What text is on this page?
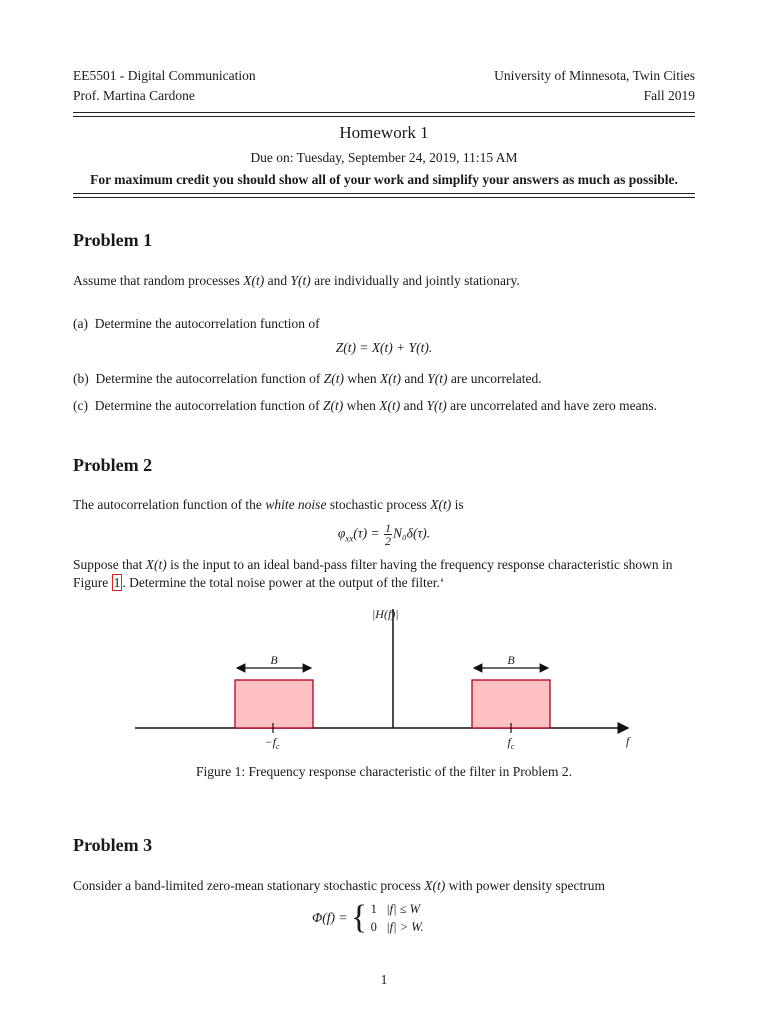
EE5501 - Digital Communication
Prof. Martina Cardone
University of Minnesota, Twin Cities
Fall 2019
Homework 1
Due on: Tuesday, September 24, 2019, 11:15 AM
For maximum credit you should show all of your work and simplify your answers as much as possible.
Problem 1
Assume that random processes X(t) and Y(t) are individually and jointly stationary.
(a) Determine the autocorrelation function of
Z(t) = X(t) + Y(t).
(b) Determine the autocorrelation function of Z(t) when X(t) and Y(t) are uncorrelated.
(c) Determine the autocorrelation function of Z(t) when X(t) and Y(t) are uncorrelated and have zero means.
Problem 2
The autocorrelation function of the white noise stochastic process X(t) is
$\varphi_{xx}(\tau) = \frac{1}{2} N_0\delta(\tau)$.
Suppose that X(t) is the input to an ideal band-pass filter having the frequency response characteristic shown in
Figure 1 . Determine the total noise power at the output of the filter.‘
|H(f)|
f
B	B
$-f_c$	$f_c$
Figure 1: Frequency response characteristic of the filter in Problem 2.
Problem 3
Consider a band-limited zero-mean stationary stochastic process X(t) with power density spectrum
Φ(f) = { 1 |f| ≤ W
0 |f| > W.
1
